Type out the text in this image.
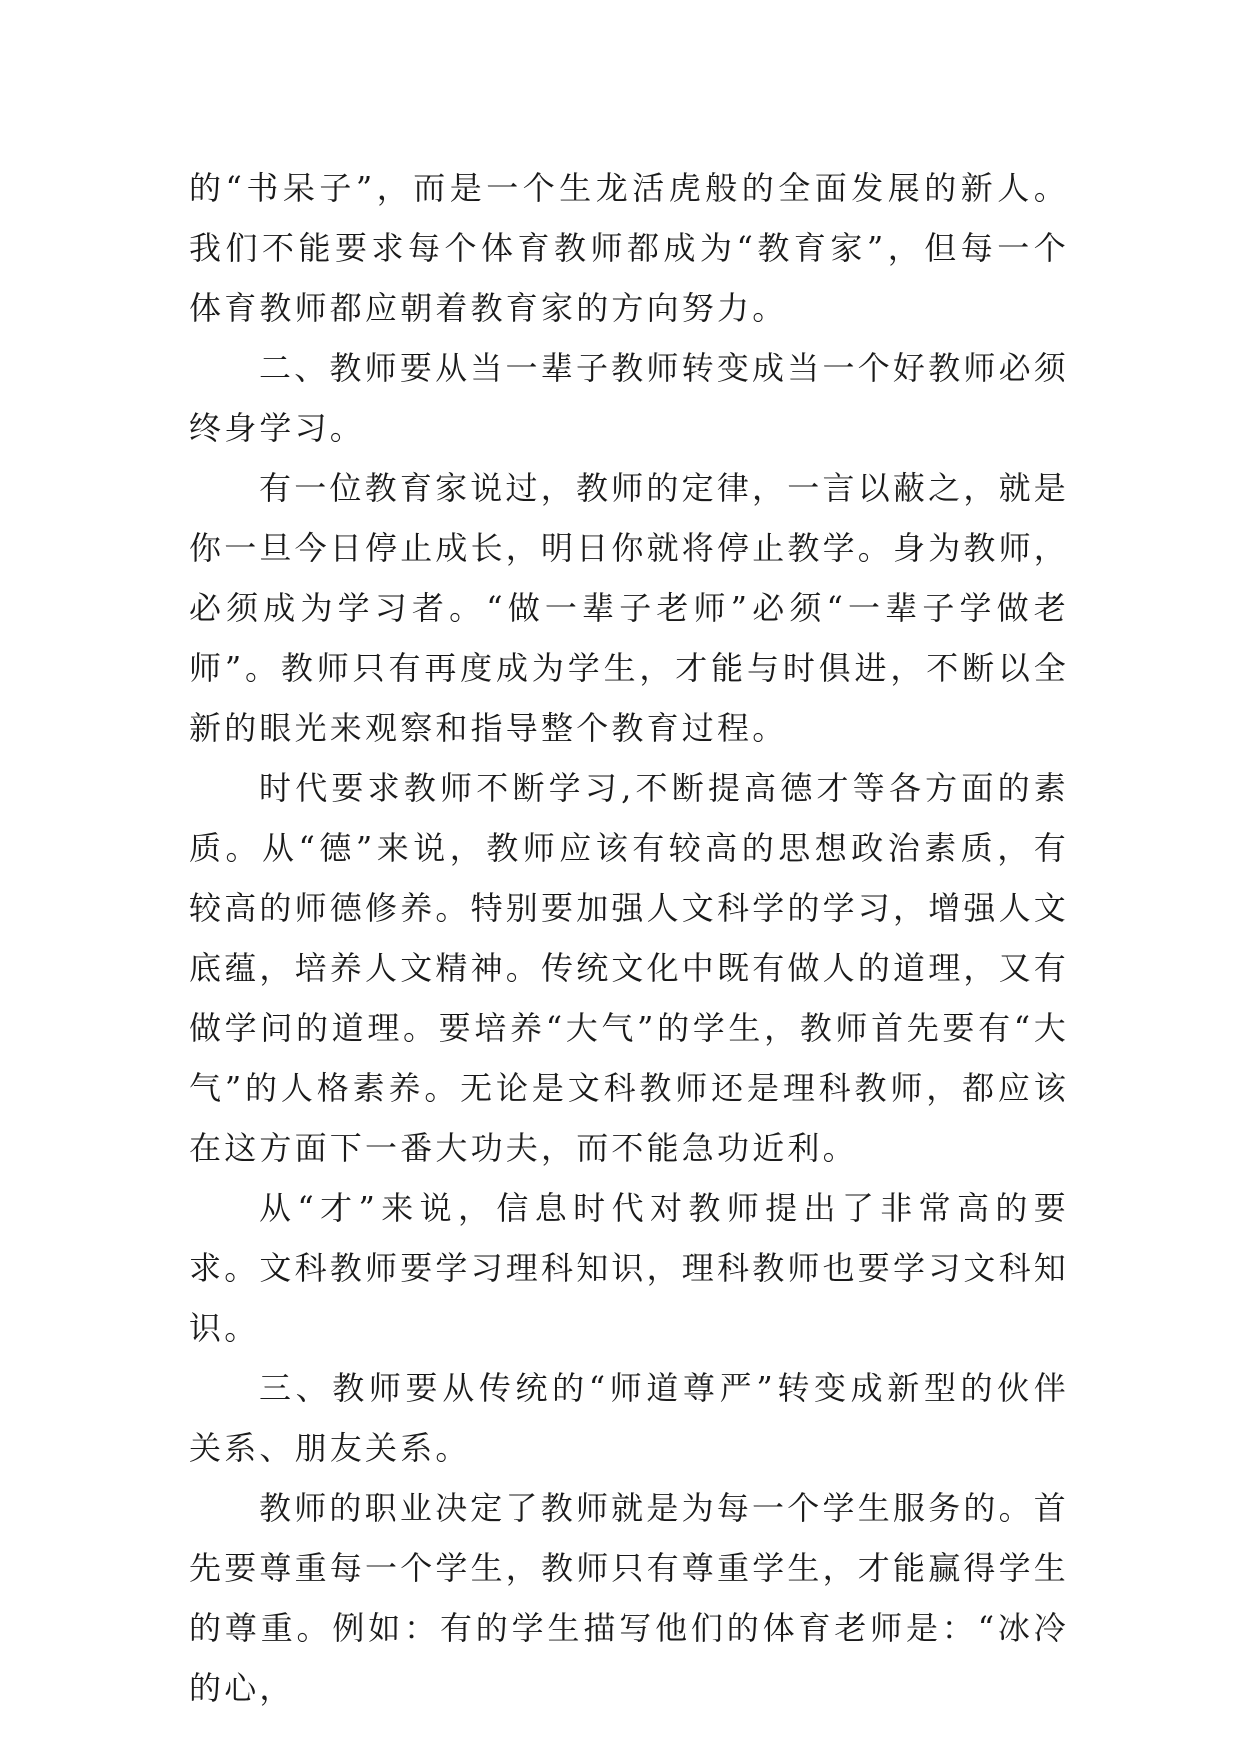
的“书呆子”，而是一个生龙活虎般的全面发展的新人。我们不能要求每个体育教师都成为“教育家”，但每一个体育教师都应朝着教育家的方向努力。

二、教师要从当一辈子教师转变成当一个好教师必须终身学习。

有一位教育家说过，教师的定律，一言以蔽之，就是你一旦今日停止成长，明日你就将停止教学。身为教师，必须成为学习者。“做一辈子老师”必须“一辈子学做老师”。教师只有再度成为学生，才能与时俱进，不断以全新的眼光来观察和指导整个教育过程。

时代要求教师不断学习,不断提高德才等各方面的素质。从“德”来说，教师应该有较高的思想政治素质，有较高的师德修养。特别要加强人文科学的学习，增强人文底蕴，培养人文精神。传统文化中既有做人的道理，又有做学问的道理。要培养“大气”的学生，教师首先要有“大气”的人格素养。无论是文科教师还是理科教师，都应该在这方面下一番大功夫，而不能急功近利。

从“才”来说，信息时代对教师提出了非常高的要求。文科教师要学习理科知识，理科教师也要学习文科知识。

三、教师要从传统的“师道尊严”转变成新型的伙伴关系、朋友关系。

教师的职业决定了教师就是为每一个学生服务的。首先要尊重每一个学生，教师只有尊重学生，才能赢得学生的尊重。例如：有的学生描写他们的体育老师是：“冰冷的心，
